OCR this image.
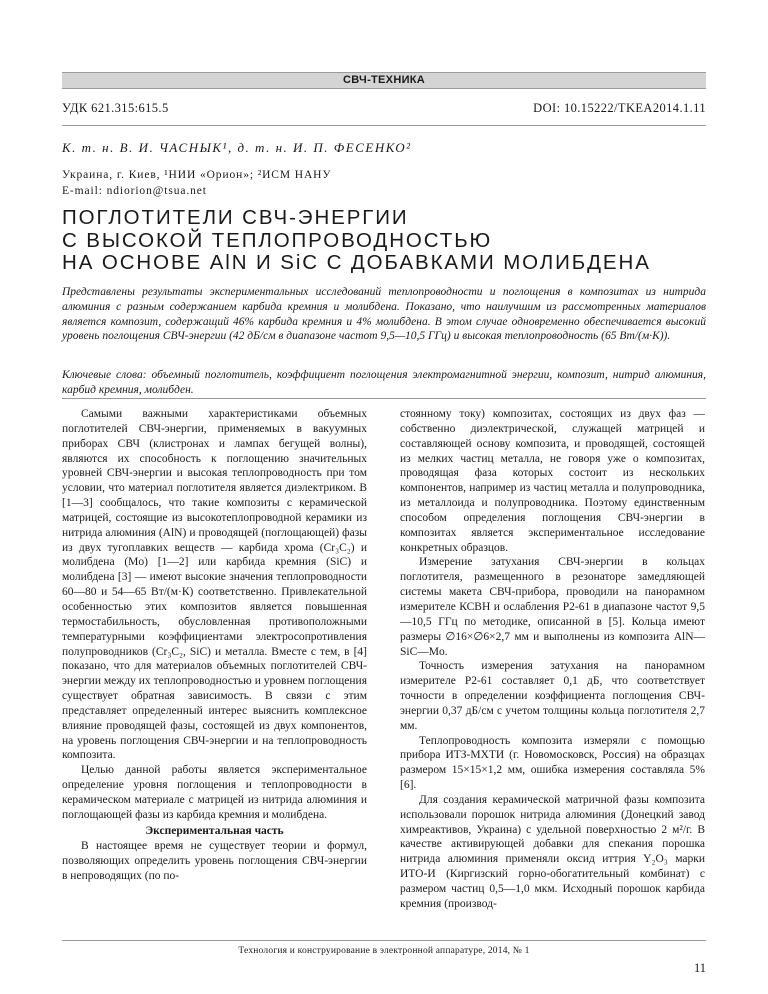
СВЧ-ТЕХНИКА
УДК 621.315:615.5	DOI: 10.15222/TKEA2014.1.11
К. т. н. В. И. ЧАСНЫК¹, д. т. н. И. П. ФЕСЕНКО²
Украина, г. Киев, ¹НИИ «Орион»; ²ИСМ НАНУ
E-mail: ndiorion@tsua.net
ПОГЛОТИТЕЛИ СВЧ-ЭНЕРГИИ
С ВЫСОКОЙ ТЕПЛОПРОВОДНОСТЬЮ
НА ОСНОВЕ AlN И SiC С ДОБАВКАМИ МОЛИБДЕНА

Представлены результаты экспериментальных исследований теплопроводности и поглощения в композитах из нитрида алюминия с разным содержанием карбида кремния и молибдена. Показано, что наилучшим из рассмотренных материалов является композит, содержащий 46% карбида кремния и 4% молибдена. В этом случае одновременно обеспечивается высокий уровень поглощения СВЧ-энергии (42 дБ/см в диапазоне частот 9,5—10,5 ГГц) и высокая теплопроводность (65 Вт/(м·К)).

Ключевые слова: объемный поглотитель, коэффициент поглощения электромагнитной энергии, композит, нитрид алюминия, карбид кремния, молибден.

Самыми важными характеристиками объемных поглотителей СВЧ-энергии, применяемых в вакуумных приборах СВЧ (клистронах и лампах бегущей волны), являются их способность к поглощению значительных уровней СВЧ-энергии и высокая теплопроводность при том условии, что материал поглотителя является диэлектриком. В [1—3] сообщалось, что такие композиты с керамической матрицей, состоящие из высокотеплопроводной керамики из нитрида алюминия (AlN) и проводящей (поглощающей) фазы из двух тугоплавких веществ — карбида хрома (Cr₃C₂) и молибдена (Mo) [1—2] или карбида кремния (SiC) и молибдена [3] — имеют высокие значения теплопроводности 60—80 и 54—65 Вт/(м·К) соответственно. Привлекательной особенностью этих композитов является повышенная термостабильность, обусловленная противоположными температурными коэффициентами электросопротивления полупроводников (Cr₃C₂, SiC) и металла. Вместе с тем, в [4] показано, что для материалов объемных поглотителей СВЧ-энергии между их теплопроводностью и уровнем поглощения существует обратная зависимость. В связи с этим представляет определенный интерес выяснить комплексное влияние проводящей фазы, состоящей из двух компонентов, на уровень поглощения СВЧ-энергии и на теплопроводность композита.

Целью данной работы является экспериментальное определение уровня поглощения и теплопроводности в керамическом материале с матрицей из нитрида алюминия и поглощающей фазы из карбида кремния и молибдена.

Экспериментальная часть

В настоящее время не существует теории и формул, позволяющих определить уровень поглощения СВЧ-энергии в непроводящих (по по-

стоянному току) композитах, состоящих из двух фаз — собственно диэлектрической, служащей матрицей и составляющей основу композита, и проводящей, состоящей из мелких частиц металла, не говоря уже о композитах, проводящая фаза которых состоит из нескольких компонентов, например из частиц металла и полупроводника, из металлоида и полупроводника. Поэтому единственным способом определения поглощения СВЧ-энергии в композитах является экспериментальное исследование конкретных образцов.

Измерение затухания СВЧ-энергии в кольцах поглотителя, размещенного в резонаторе замедляющей системы макета СВЧ-прибора, проводили на панорамном измерителе КСВН и ослабления Р2-61 в диапазоне частот 9,5—10,5 ГГц по методике, описанной в [5]. Кольца имеют размеры ∅16×∅6×2,7 мм и выполнены из композита AlN—SiC—Mo.

Точность измерения затухания на панорамном измерителе Р2-61 составляет 0,1 дБ, что соответствует точности в определении коэффициента поглощения СВЧ-энергии 0,37 дБ/см с учетом толщины кольца поглотителя 2,7 мм.

Теплопроводность композита измеряли с помощью прибора ИТЗ-МХТИ (г. Новомосковск, Россия) на образцах размером 15×15×1,2 мм, ошибка измерения составляла 5% [6].

Для создания керамической матричной фазы композита использовали порошок нитрида алюминия (Донецкий завод химреактивов, Украина) с удельной поверхностью 2 м²/г. В качестве активирующей добавки для спекания порошка нитрида алюминия применяли оксид иттрия Y₂O₃ марки ИТО-И (Киргизский горно-обогатительный комбинат) с размером частиц 0,5—1,0 мкм. Исходный порошок карбида кремния (производ-

Технология и конструирование в электронной аппаратуре, 2014, № 1
11
